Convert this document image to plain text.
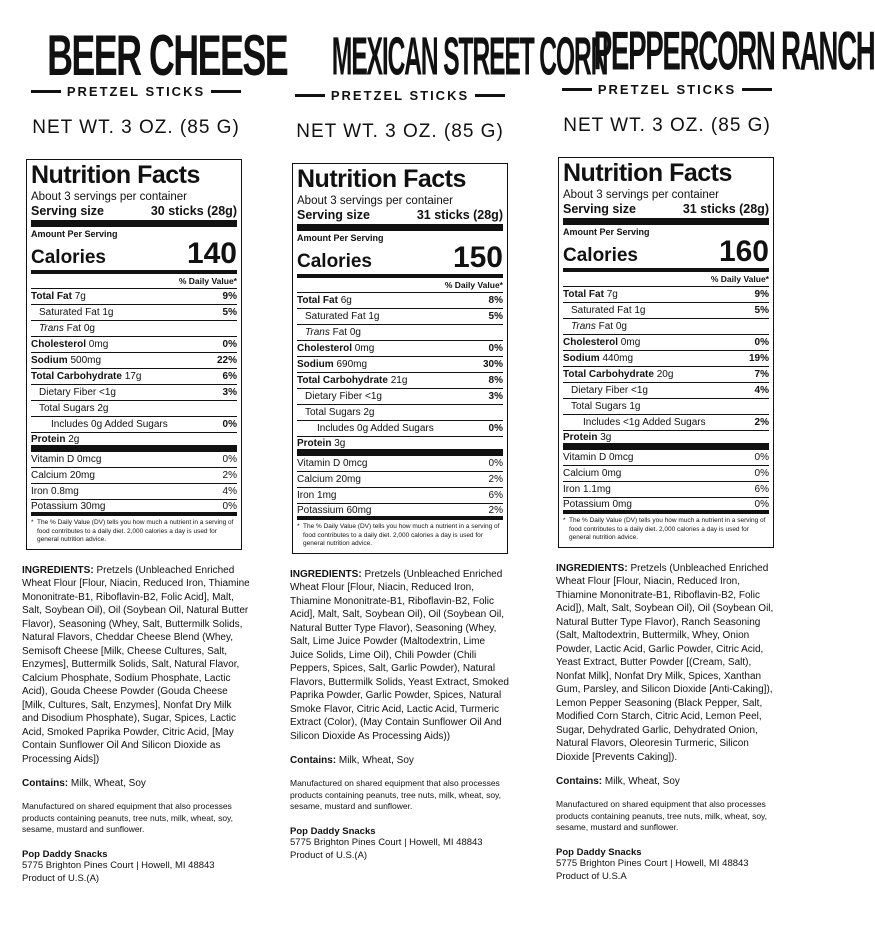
BEER CHEESE
PRETZEL STICKS
NET WT. 3 OZ. (85 G)
Nutrition Facts
About 3 servings per container
Serving size	30 sticks (28g)
Amount Per Serving
Calories	140
% Daily Value*
Total Fat 7g	9%
Saturated Fat 1g	5%
Trans Fat 0g
Cholesterol 0mg	0%
Sodium 500mg	22%
Total Carbohydrate 17g	6%
Dietary Fiber <1g	3%
Total Sugars 2g
Includes 0g Added Sugars	0%
Protein 2g
Vitamin D 0mcg	0%
Calcium 20mg	2%
Iron 0.8mg	4%
Potassium 30mg	0%
* The % Daily Value (DV) tells you how much a nutrient in a serving of food contributes to a daily diet. 2,000 calories a day is used for general nutrition advice.
INGREDIENTS: Pretzels (Unbleached Enriched Wheat Flour [Flour, Niacin, Reduced Iron, Thiamine Mononitrate-B1, Riboflavin-B2, Folic Acid], Malt, Salt, Soybean Oil), Oil (Soybean Oil, Natural Butter Flavor), Seasoning (Whey, Salt, Buttermilk Solids, Natural Flavors, Cheddar Cheese Blend (Whey, Semisoft Cheese [Milk, Cheese Cultures, Salt, Enzymes], Buttermilk Solids, Salt, Natural Flavor, Calcium Phosphate, Sodium Phosphate, Lactic Acid), Gouda Cheese Powder (Gouda Cheese [Milk, Cultures, Salt, Enzymes], Nonfat Dry Milk and Disodium Phosphate), Sugar, Spices, Lactic Acid, Smoked Paprika Powder, Citric Acid, [May Contain Sunflower Oil And Silicon Dioxide as Processing Aids])
Contains: Milk, Wheat, Soy
Manufactured on shared equipment that also processes products containing peanuts, tree nuts, milk, wheat, soy, sesame, mustard and sunflower.
Pop Daddy Snacks
5775 Brighton Pines Court | Howell, MI 48843
Product of U.S.(A)
MEXICAN STREET CORN
PRETZEL STICKS
NET WT. 3 OZ. (85 G)
Nutrition Facts
About 3 servings per container
Serving size	31 sticks (28g)
Amount Per Serving
Calories	150
% Daily Value*
Total Fat 6g	8%
Saturated Fat 1g	5%
Trans Fat 0g
Cholesterol 0mg	0%
Sodium 690mg	30%
Total Carbohydrate 21g	8%
Dietary Fiber <1g	3%
Total Sugars 2g
Includes 0g Added Sugars	0%
Protein 3g
Vitamin D 0mcg	0%
Calcium 20mg	2%
Iron 1mg	6%
Potassium 60mg	2%
* The % Daily Value (DV) tells you how much a nutrient in a serving of food contributes to a daily diet. 2,000 calories a day is used for general nutrition advice.
INGREDIENTS: Pretzels (Unbleached Enriched Wheat Flour [Flour, Niacin, Reduced Iron, Thiamine Mononitrate-B1, Riboflavin-B2, Folic Acid], Malt, Salt, Soybean Oil), Oil (Soybean Oil, Natural Butter Type Flavor), Seasoning (Whey, Salt, Lime Juice Powder (Maltodextrin, Lime Juice Solids, Lime Oil), Chili Powder (Chili Peppers, Spices, Salt, Garlic Powder), Natural Flavors, Buttermilk Solids, Yeast Extract, Smoked Paprika Powder, Garlic Powder, Spices, Natural Smoke Flavor, Citric Acid, Lactic Acid, Turmeric Extract (Color), (May Contain Sunflower Oil And Silicon Dioxide As Processing Aids))
Contains: Milk, Wheat, Soy
Manufactured on shared equipment that also processes products containing peanuts, tree nuts, milk, wheat, soy, sesame, mustard and sunflower.
Pop Daddy Snacks
5775 Brighton Pines Court | Howell, MI 48843
Product of U.S.(A)
PEPPERCORN RANCH
PRETZEL STICKS
NET WT. 3 OZ. (85 G)
Nutrition Facts
About 3 servings per container
Serving size	31 sticks (28g)
Amount Per Serving
Calories	160
% Daily Value*
Total Fat 7g	9%
Saturated Fat 1g	5%
Trans Fat 0g
Cholesterol 0mg	0%
Sodium 440mg	19%
Total Carbohydrate 20g	7%
Dietary Fiber <1g	4%
Total Sugars 1g
Includes <1g Added Sugars	2%
Protein 3g
Vitamin D 0mcg	0%
Calcium 0mg	0%
Iron 1.1mg	6%
Potassium 0mg	0%
* The % Daily Value (DV) tells you how much a nutrient in a serving of food contributes to a daily diet. 2,000 calories a day is used for general nutrition advice.
INGREDIENTS: Pretzels (Unbleached Enriched Wheat Flour [Flour, Niacin, Reduced Iron, Thiamine Mononitrate-B1, Riboflavin-B2, Folic Acid]), Malt, Salt, Soybean Oil), Oil (Soybean Oil, Natural Butter Type Flavor), Ranch Seasoning (Salt, Maltodextrin, Buttermilk, Whey, Onion Powder, Lactic Acid, Garlic Powder, Citric Acid, Yeast Extract, Butter Powder [(Cream, Salt), Nonfat Milk], Nonfat Dry Milk, Spices, Xanthan Gum, Parsley, and Silicon Dioxide [Anti-Caking]), Lemon Pepper Seasoning (Black Pepper, Salt, Modified Corn Starch, Citric Acid, Lemon Peel, Sugar, Dehydrated Garlic, Dehydrated Onion, Natural Flavors, Oleoresin Turmeric, Silicon Dioxide [Prevents Caking]).
Contains: Milk, Wheat, Soy
Manufactured on shared equipment that also processes products containing peanuts, tree nuts, milk, wheat, soy, sesame, mustard and sunflower.
Pop Daddy Snacks
5775 Brighton Pines Court | Howell, MI 48843
Product of U.S.A
